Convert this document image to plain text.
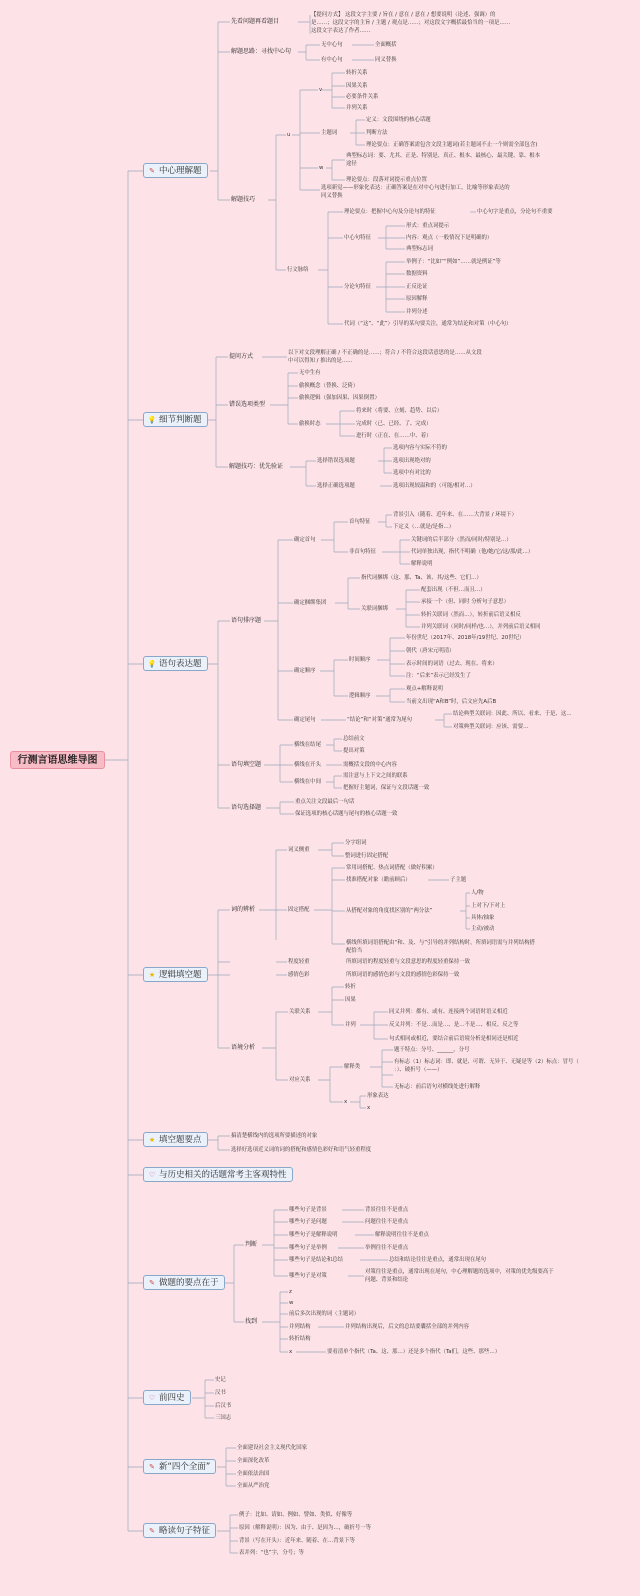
行测言语思维导图
✎ 中心理解题
💡 细节判断题
💡 语句表达题
★ 逻辑填空题
★ 填空题要点
♡ 与历史相关的话题常考主客观特性
✎ 做题的要点在于
♡ 前四史
✎ 新“四个全面”
✎ 略读句子特征
先看问题再看题目
【提问方式】 这段文字主要 / 旨在 / 意在 / 意在 / 想要说明（论述、强调）的
是……；这段文字的主旨 / 主题 / 观点是……；对这段文字概括最恰当的一项是……
这段文字表达了作者……
解题思路：寻找中心句
无中心句	全面概括
有中心句	同义替换
解题技巧
u
v
转折关系
因果关系
必要条件关系
并列关系
主题词
定义：文段围绕的核心话题
判断方法
理论要点：正确答案需包含文段主题词(若主题词不止一个则需全部包含)
w
典型标志词：要、尤其、正是、特别是、真正、根本、最核心、最关键、靠、根本
途径
理论要点：段落对词提示重点位置
选项新觉——形象化表达：正确答案是在对中心句进行加工，比喻等形象表达的
同义替换
行文脉络
理论要点：把握中心句及分论句的特征	中心句字是重点，分论句不重要
中心句特征
形式：重点词提示
内容：观点（一般情况下是明确的）
典型标志词
分论句特征
举例子：“比如”“例如”……就是例证”等
数据资料
正反论证
原因解释
并列分述
代词（“这”、“此”）引导的某句要关注，通常为结论和对策（中心句）
提问方式	以下对文段理解正确 / 不正确的是……；符合 / 不符合这段话意思的是……从文段
中可以得知 / 推出的是……
错误选项类型
无中生有
偷换概念（替换、泛倚）
偷换逻辑（强加因果、因果倒置）
偷换时态
将来时（将要、立刻、趋势、以后）
完成时（已、已经、了、完成）
进行时（正在、在……中、着）
解题技巧：优先验证
选择错误选项题
选项内容与实际不符的
选项出现绝对的
选项中有对比的
选择正确选项题	选项出现较温和的（可能/相对…）
语句排序题
确定首句
首句特征
背景引入（随着、近年来、在……大背景 / 环境下）
下定义（…就是/是指…）
非首句特征
关键词的后半部分（然而/同时/特别是…）
代词单独出现，指代不明确（他/她/它/这/那/此…）
解释说明
确定捆绑集团
指代词捆绑（这、那、Ta、该、其/这些、它们…）
关联词捆绑
配套出现（不但…而且…）
承接一个（但、同时 分析句子意思）
转折关联词（然而…），转折前后语义相反
并列关联词（同时/同样/也…），并列前后语义相同
确定顺序
时间顺序
年份世纪（2017年、2018年/19世纪、20世纪）
朝代（唐宋元明清）
表示时间的词语（过去、现在、将来）
注：“后来”表示已经发生了
逻辑顺序
观点+解释说明
当前文出现“A和B”时，后文应先A后B
确定尾句	“结论”和“对策”通常为尾句
结论典型关联词：因此、所以、看来、于是、这…
对策典型关联词：应该、需要…
语句填空题
横线在结尾
总结前文
提出对策
横线在开头	需概括文段的中心内容
横线在中间
需注意与上下文之间的联系
把握好主题词，保证与文段话题一致
语句选择题
重点关注文段最后一句话
保证选项的核心话题与尾句的核心话题一致
词的辨析
词义侧重
分字组词
整词进行固定搭配
固定搭配
常用词搭配、热点词搭配（做好积累）
找准搭配对象（瞻前顾后）	子主题
从搭配对象的角度找区别的“两分法”
人/物
上对下/下对上
具体/抽象
主动/被动
横线所填词语搭配由“和、及、与”引导的并列结构时，所填词语需与并列结构搭
配恰当
程度轻重	所填词语的程度轻重与文段意思的程度轻重保持一致
感情色彩	所填词语的感情色彩与文段的感情色彩保持一致
语境分析
关联关系
转折
因果
并列
同义并列：都有、或有、连接两个词语时语义相近
反义并列：不是…而是…、是…不是…、相反、反之等
句式相同或相近，要结合前后语境分析是相同还是相近
对应关系
解释类
题干特点：分号、______，分号
有标志（1）标志词：即、就是、可谓、无异于、无疑是等（2）标点：冒号（
：）、破折号（——）
无标志：前后语句对横线处进行解释
x
形象表达
x
搞清楚横线内的选项所要描述的对象
选择好选项近义词的词的搭配和感情色彩好和语气轻重程度
判断
哪些句子是背景	背景往往不是重点
哪些句子是问题	问题往往不是重点
哪些句子是解释说明	解释说明往往不是重点
哪些句子是举例	举例往往不是重点
哪些句子是结论和总结	总结和结论往往是重点，通常出现在尾句
哪些句子是对策
对策往往是重点，通常出现在尾句，中心理解题的选项中，对策的优先级要高于
问题、背景和结论
找到
z
w
前后多次出现的词（主题词）
并列结构	并列结构出现后，后文的总结要囊括全部的并列内容
转折结构
x	要看清单个指代（Ta、这、那…）还是多个指代（Ta们，这些、那些…）
史记
汉书
后汉书
三国志
全面建设社会主义现代化国家
全面深化改革
全面依法治国
全面从严治党
例子：比如、请如、例如、譬如、类似、好像等
原因（解释说明）：因为、由于、是因为…，破折号一等
背景（写在开头）：近年来、随着、在…背景下等
表并列：“也”字，分号；等
